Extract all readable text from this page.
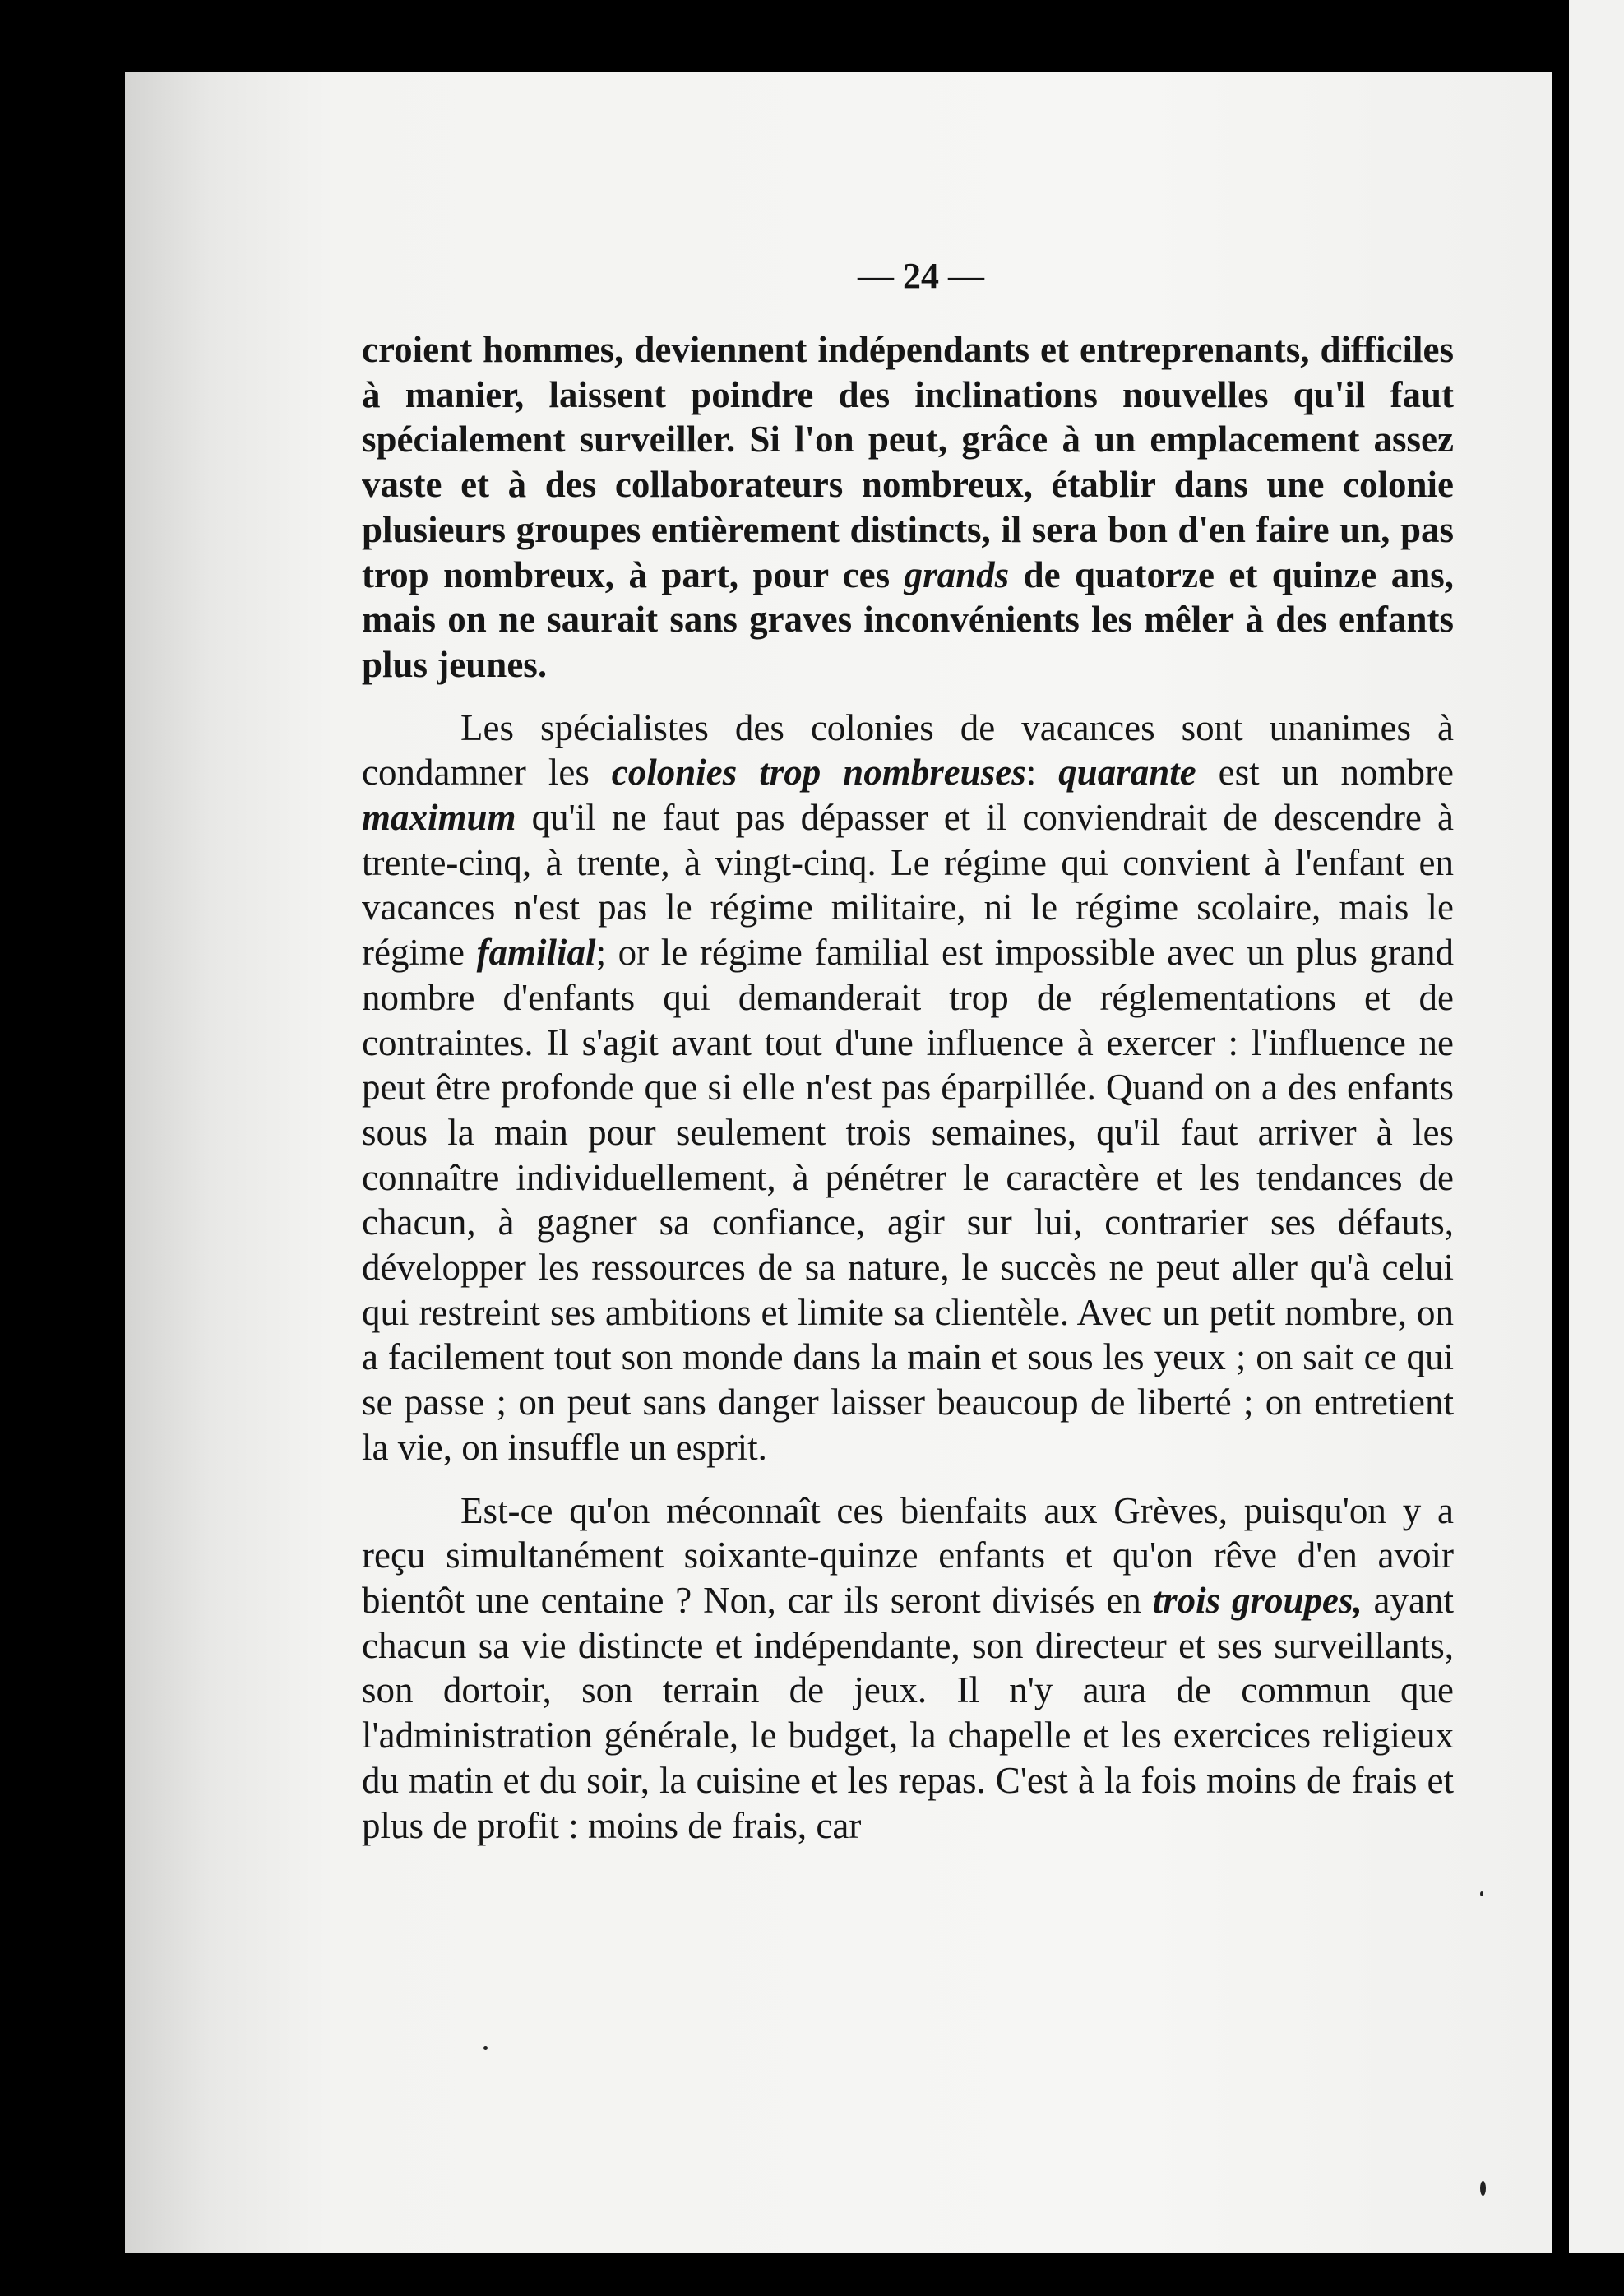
— 24 —

croient hommes, deviennent indépendants et entreprenants, difficiles à manier, laissent poindre des inclinations nouvelles qu'il faut spécialement surveiller. Si l'on peut, grâce à un emplacement assez vaste et à des collaborateurs nombreux, établir dans une colonie plusieurs groupes entièrement distincts, il sera bon d'en faire un, pas trop nombreux, à part, pour ces grands de quatorze et quinze ans, mais on ne saurait sans graves inconvénients les mêler à des enfants plus jeunes.

Les spécialistes des colonies de vacances sont unanimes à condamner les colonies trop nombreuses: quarante est un nombre maximum qu'il ne faut pas dépasser et il conviendrait de descendre à trente-cinq, à trente, à vingt-cinq. Le régime qui convient à l'enfant en vacances n'est pas le régime militaire, ni le régime scolaire, mais le régime familial; or le régime familial est impossible avec un plus grand nombre d'enfants qui demanderait trop de réglementations et de contraintes. Il s'agit avant tout d'une influence à exercer : l'influence ne peut être profonde que si elle n'est pas éparpillée. Quand on a des enfants sous la main pour seulement trois semaines, qu'il faut arriver à les connaître individuellement, à pénétrer le caractère et les tendances de chacun, à gagner sa confiance, agir sur lui, contrarier ses défauts, développer les ressources de sa nature, le succès ne peut aller qu'à celui qui restreint ses ambitions et limite sa clientèle. Avec un petit nombre, on a facilement tout son monde dans la main et sous les yeux ; on sait ce qui se passe ; on peut sans danger laisser beaucoup de liberté ; on entretient la vie, on insuffle un esprit.

Est-ce qu'on méconnaît ces bienfaits aux Grèves, puisqu'on y a reçu simultanément soixante-quinze enfants et qu'on rêve d'en avoir bientôt une centaine ? Non, car ils seront divisés en trois groupes, ayant chacun sa vie distincte et indépendante, son directeur et ses surveillants, son dortoir, son terrain de jeux. Il n'y aura de commun que l'administration générale, le budget, la chapelle et les exercices religieux du matin et du soir, la cuisine et les repas. C'est à la fois moins de frais et plus de profit : moins de frais, car
